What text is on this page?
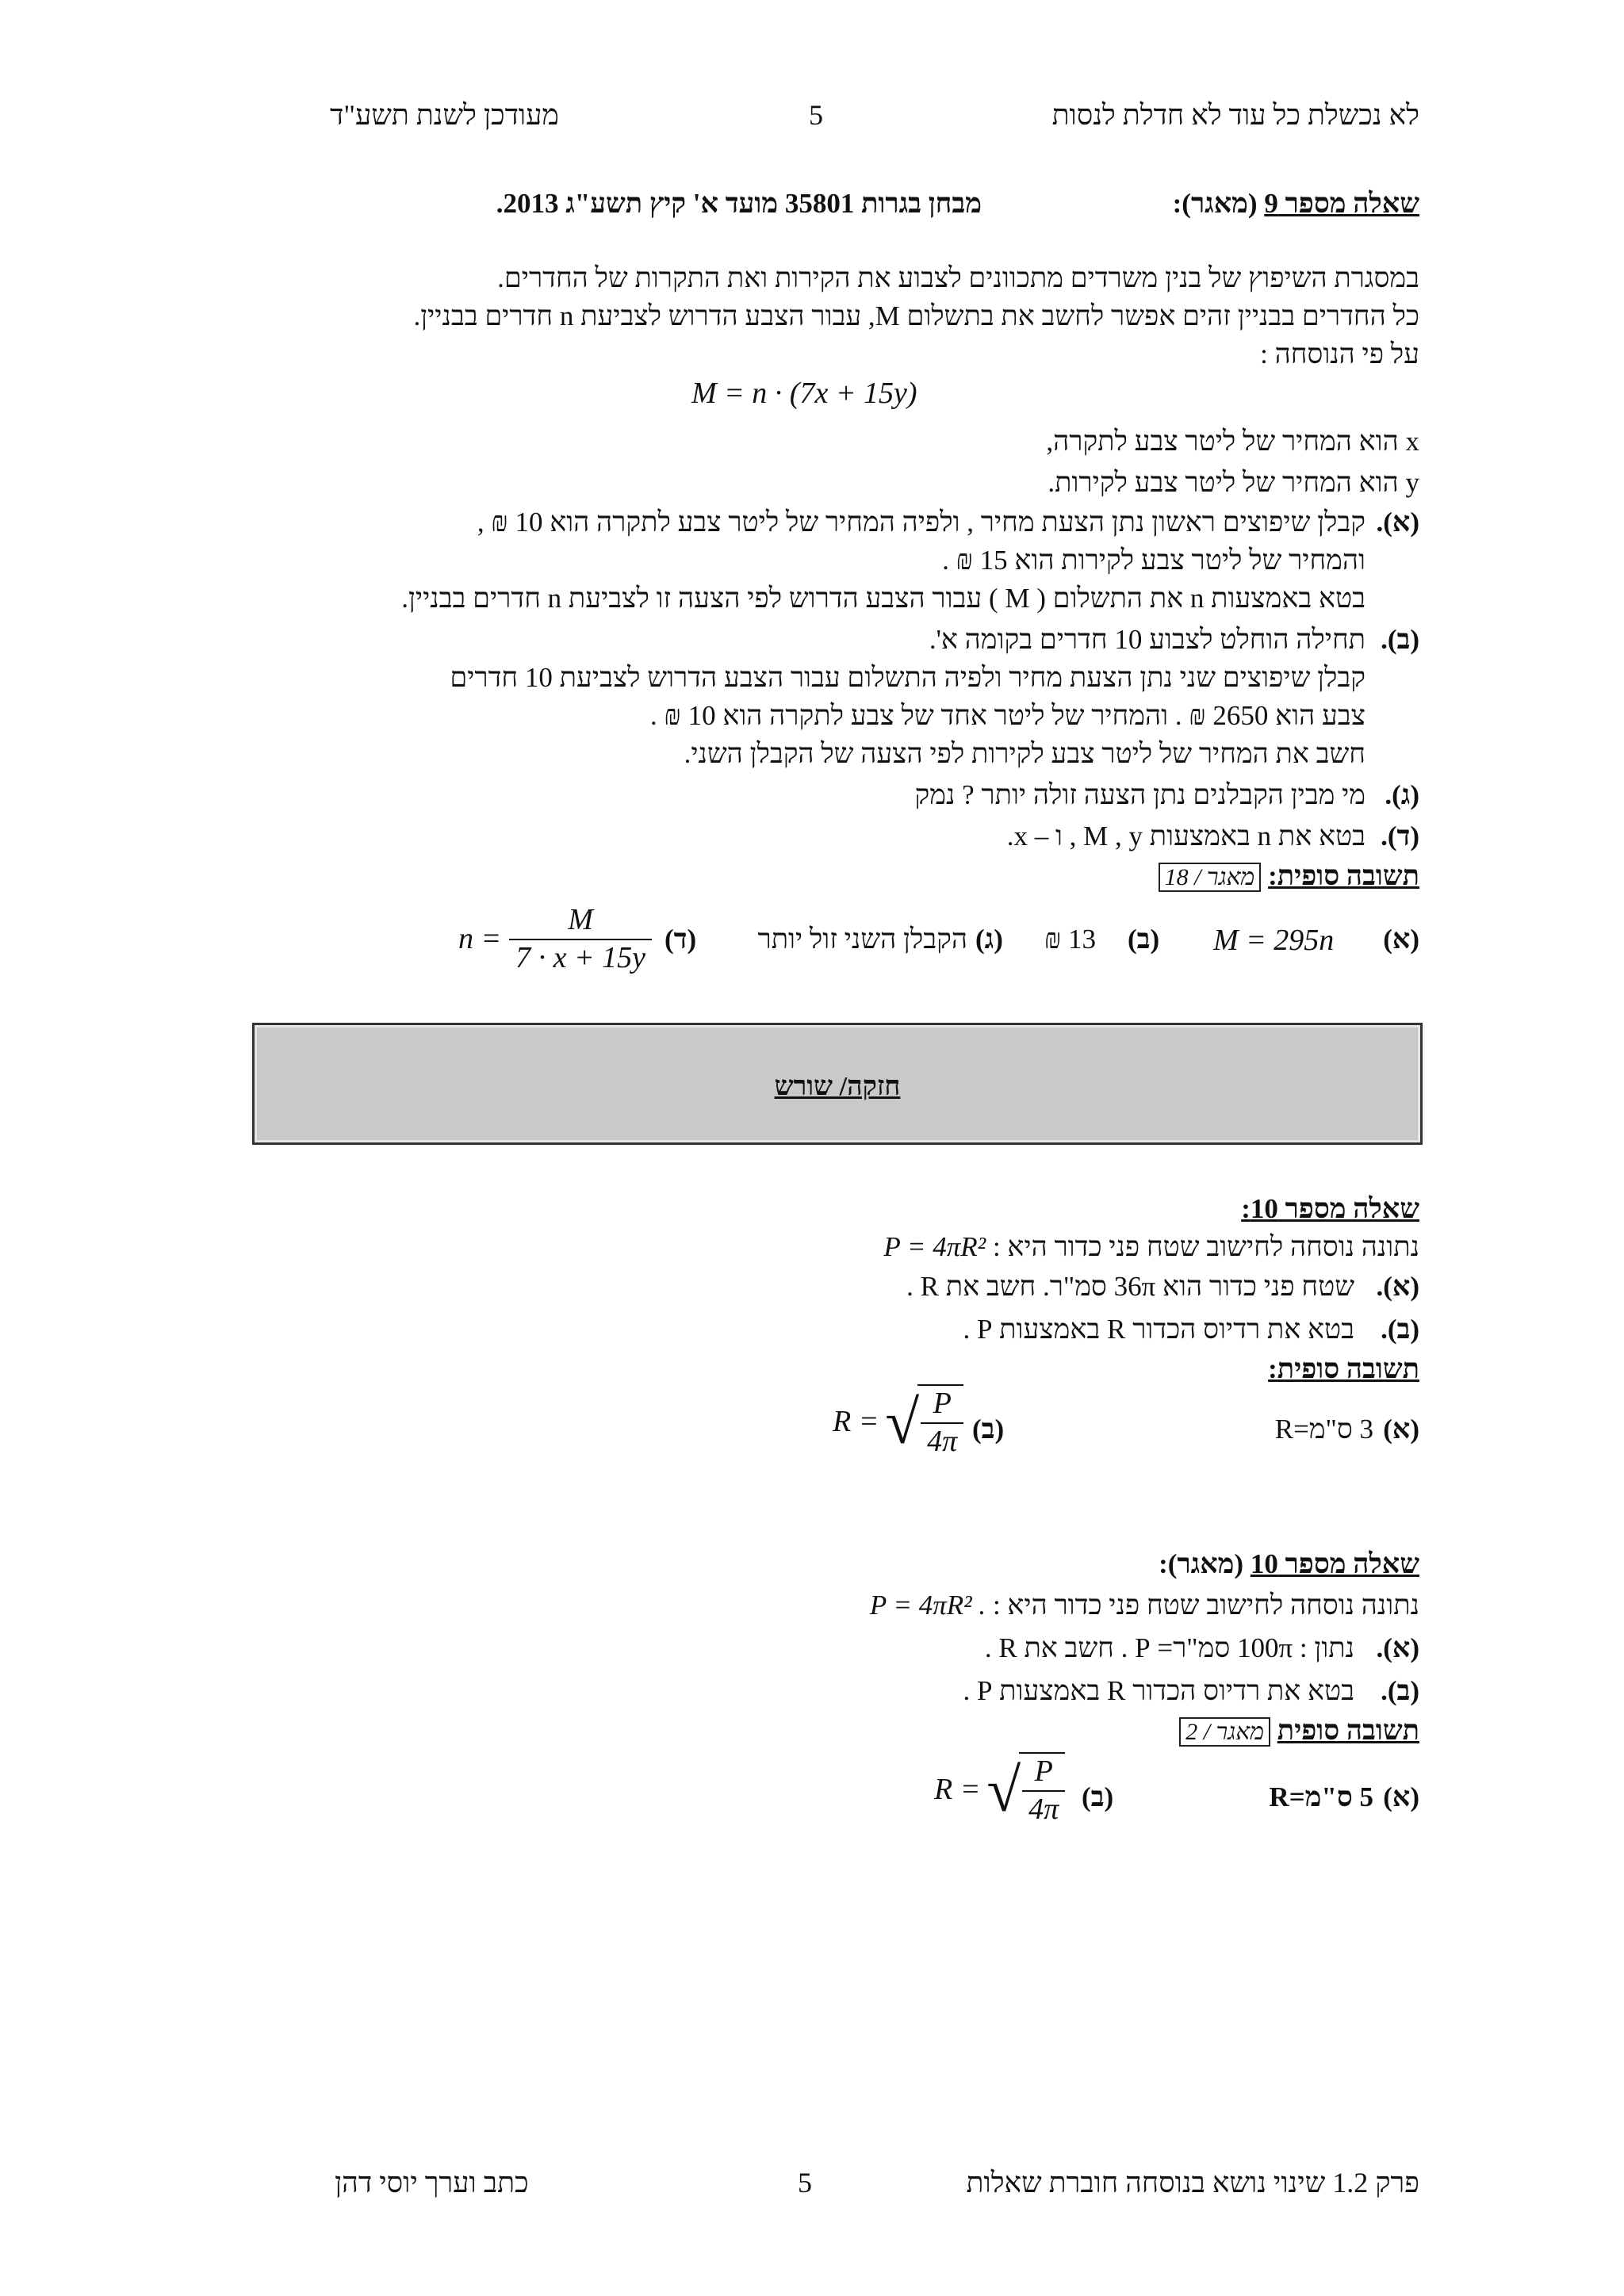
לא נכשלת כל עוד לא חדלת לנסות
5
מעודכן לשנת תשע"ד
שאלה מספר 9 (מאגר):
מבחן בגרות 35801 מועד א' קיץ תשע"ג 2013.
במסגרת השיפוץ של בנין משרדים מתכוונים לצבוע את הקירות ואת התקרות של החדרים.
כל החדרים בבניין זהים אפשר לחשב את בתשלום M, עבור הצבע הדרוש לצביעת n חדרים בבניין.
על פי הנוסחה :
M = n · (7x + 15y)
x הוא המחיר של ליטר צבע לתקרה,
y הוא המחיר של ליטר צבע לקירות.
(א).
קבלן שיפוצים ראשון נתן הצעת מחיר , ולפיה המחיר של ליטר צבע לתקרה הוא 10 ₪ ,
והמחיר של ליטר צבע לקירות הוא 15 ₪ .
בטא באמצעות n את התשלום ( M ) עבור הצבע הדרוש לפי הצעה זו לצביעת n חדרים בבניין.
(ב).
תחילה הוחלט לצבוע 10 חדרים בקומה א'.
קבלן שיפוצים שני נתן הצעת מחיר ולפיה התשלום עבור הצבע הדרוש לצביעת 10 חדרים
צבע הוא 2650 ₪ . והמחיר של ליטר אחד של צבע לתקרה הוא 10 ₪ .
חשב את המחיר של ליטר צבע לקירות לפי הצעה של הקבלן השני.
(ג).
מי מבין הקבלנים נתן הצעה זולה יותר ? נמק
(ד).
בטא את n באמצעות M , y , ו – x.
תשובה סופית: מאגר / 18
(א)
M = 295n
(ב)
13 ₪
(ג)
הקבלן השני זול יותר
(ד)
$n = \frac{M}{7 \cdot x + 15y}$
חזקה/ שורש
שאלה מספר 10:
נתונה נוסחה לחישוב שטח פני כדור היא : P = 4πR²
(א).
שטח פני כדור הוא 36π סמ"ר. חשב את R .
(ב).
בטא את רדיוס הכדור R באמצעות P .
תשובה סופית:
(א)
3 ס"מ=R
(ב)
R = √ $\frac{P}{4\pi}$
שאלה מספר 10 (מאגר):
נתונה נוסחה לחישוב שטח פני כדור היא : P = 4πR² .
(א).
נתון : 100π סמ"ר= P . חשב את R .
(ב).
בטא את רדיוס הכדור R באמצעות P .
תשובה סופית מאגר / 2
(א)
5 ס"מ=R
(ב)
R = √ $\frac{P}{4\pi}$
פרק 1.2 שינוי נושא בנוסחה חוברת שאלות
5
כתב וערך יוסי דהן
